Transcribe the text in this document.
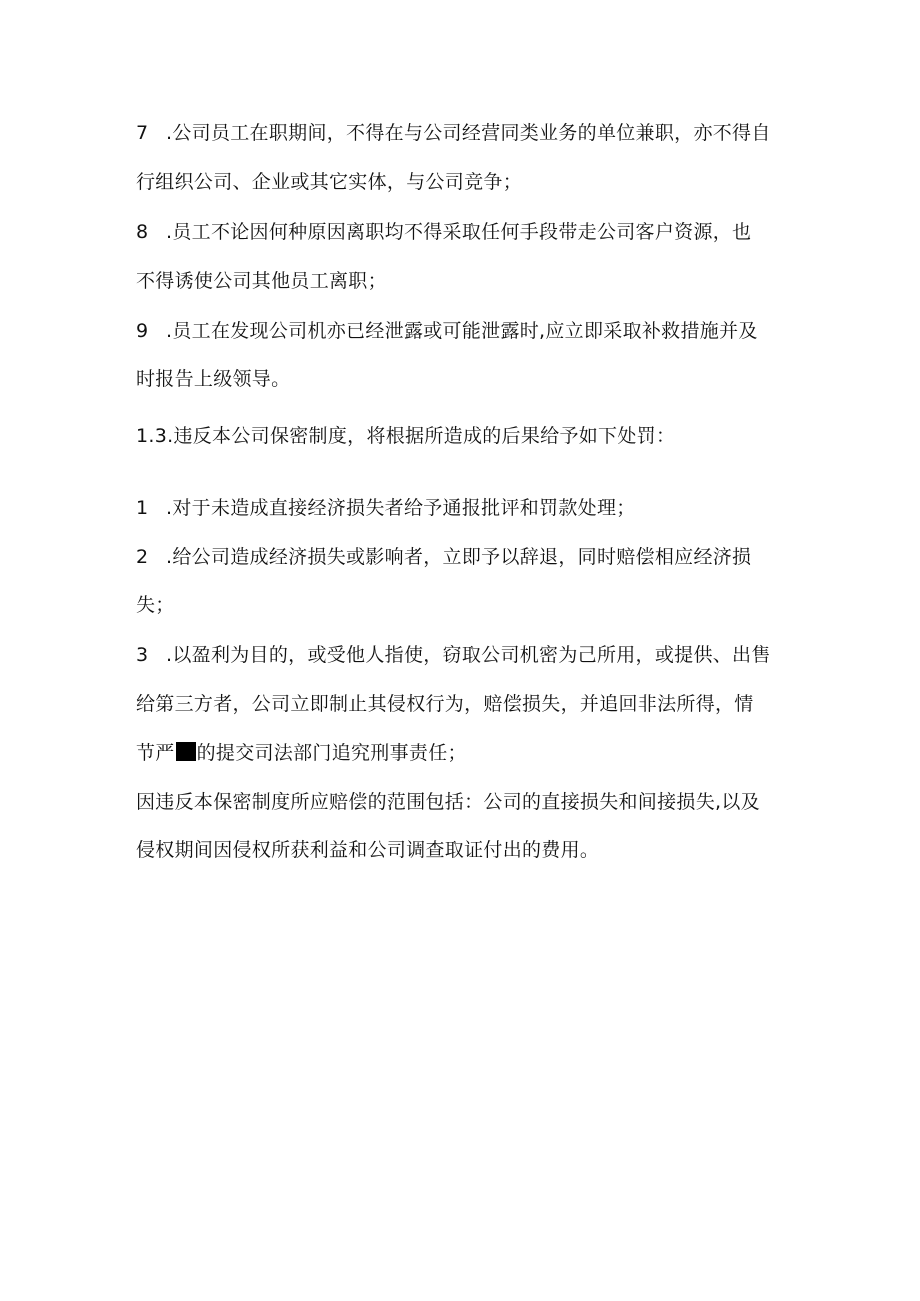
7 .公司员工在职期间，不得在与公司经营同类业务的单位兼职，亦不得自
行组织公司、企业或其它实体，与公司竞争；
8 .员工不论因何种原因离职均不得采取任何手段带走公司客户资源，也
不得诱使公司其他员工离职；
9 .员工在发现公司机亦已经泄露或可能泄露时,应立即采取补救措施并及
时报告上级领导。
1.3.违反本公司保密制度，将根据所造成的后果给予如下处罚：
1 .对于未造成直接经济损失者给予通报批评和罚款处理；
2 .给公司造成经济损失或影响者，立即予以辞退，同时赔偿相应经济损
失；
3 .以盈利为目的，或受他人指使，窃取公司机密为己所用，或提供、出售
给第三方者，公司立即制止其侵权行为，赔偿损失，并追回非法所得，情
节严 的提交司法部门追究刑事责任；
因违反本保密制度所应赔偿的范围包括：公司的直接损失和间接损失,以及
侵权期间因侵权所获利益和公司调查取证付出的费用。
